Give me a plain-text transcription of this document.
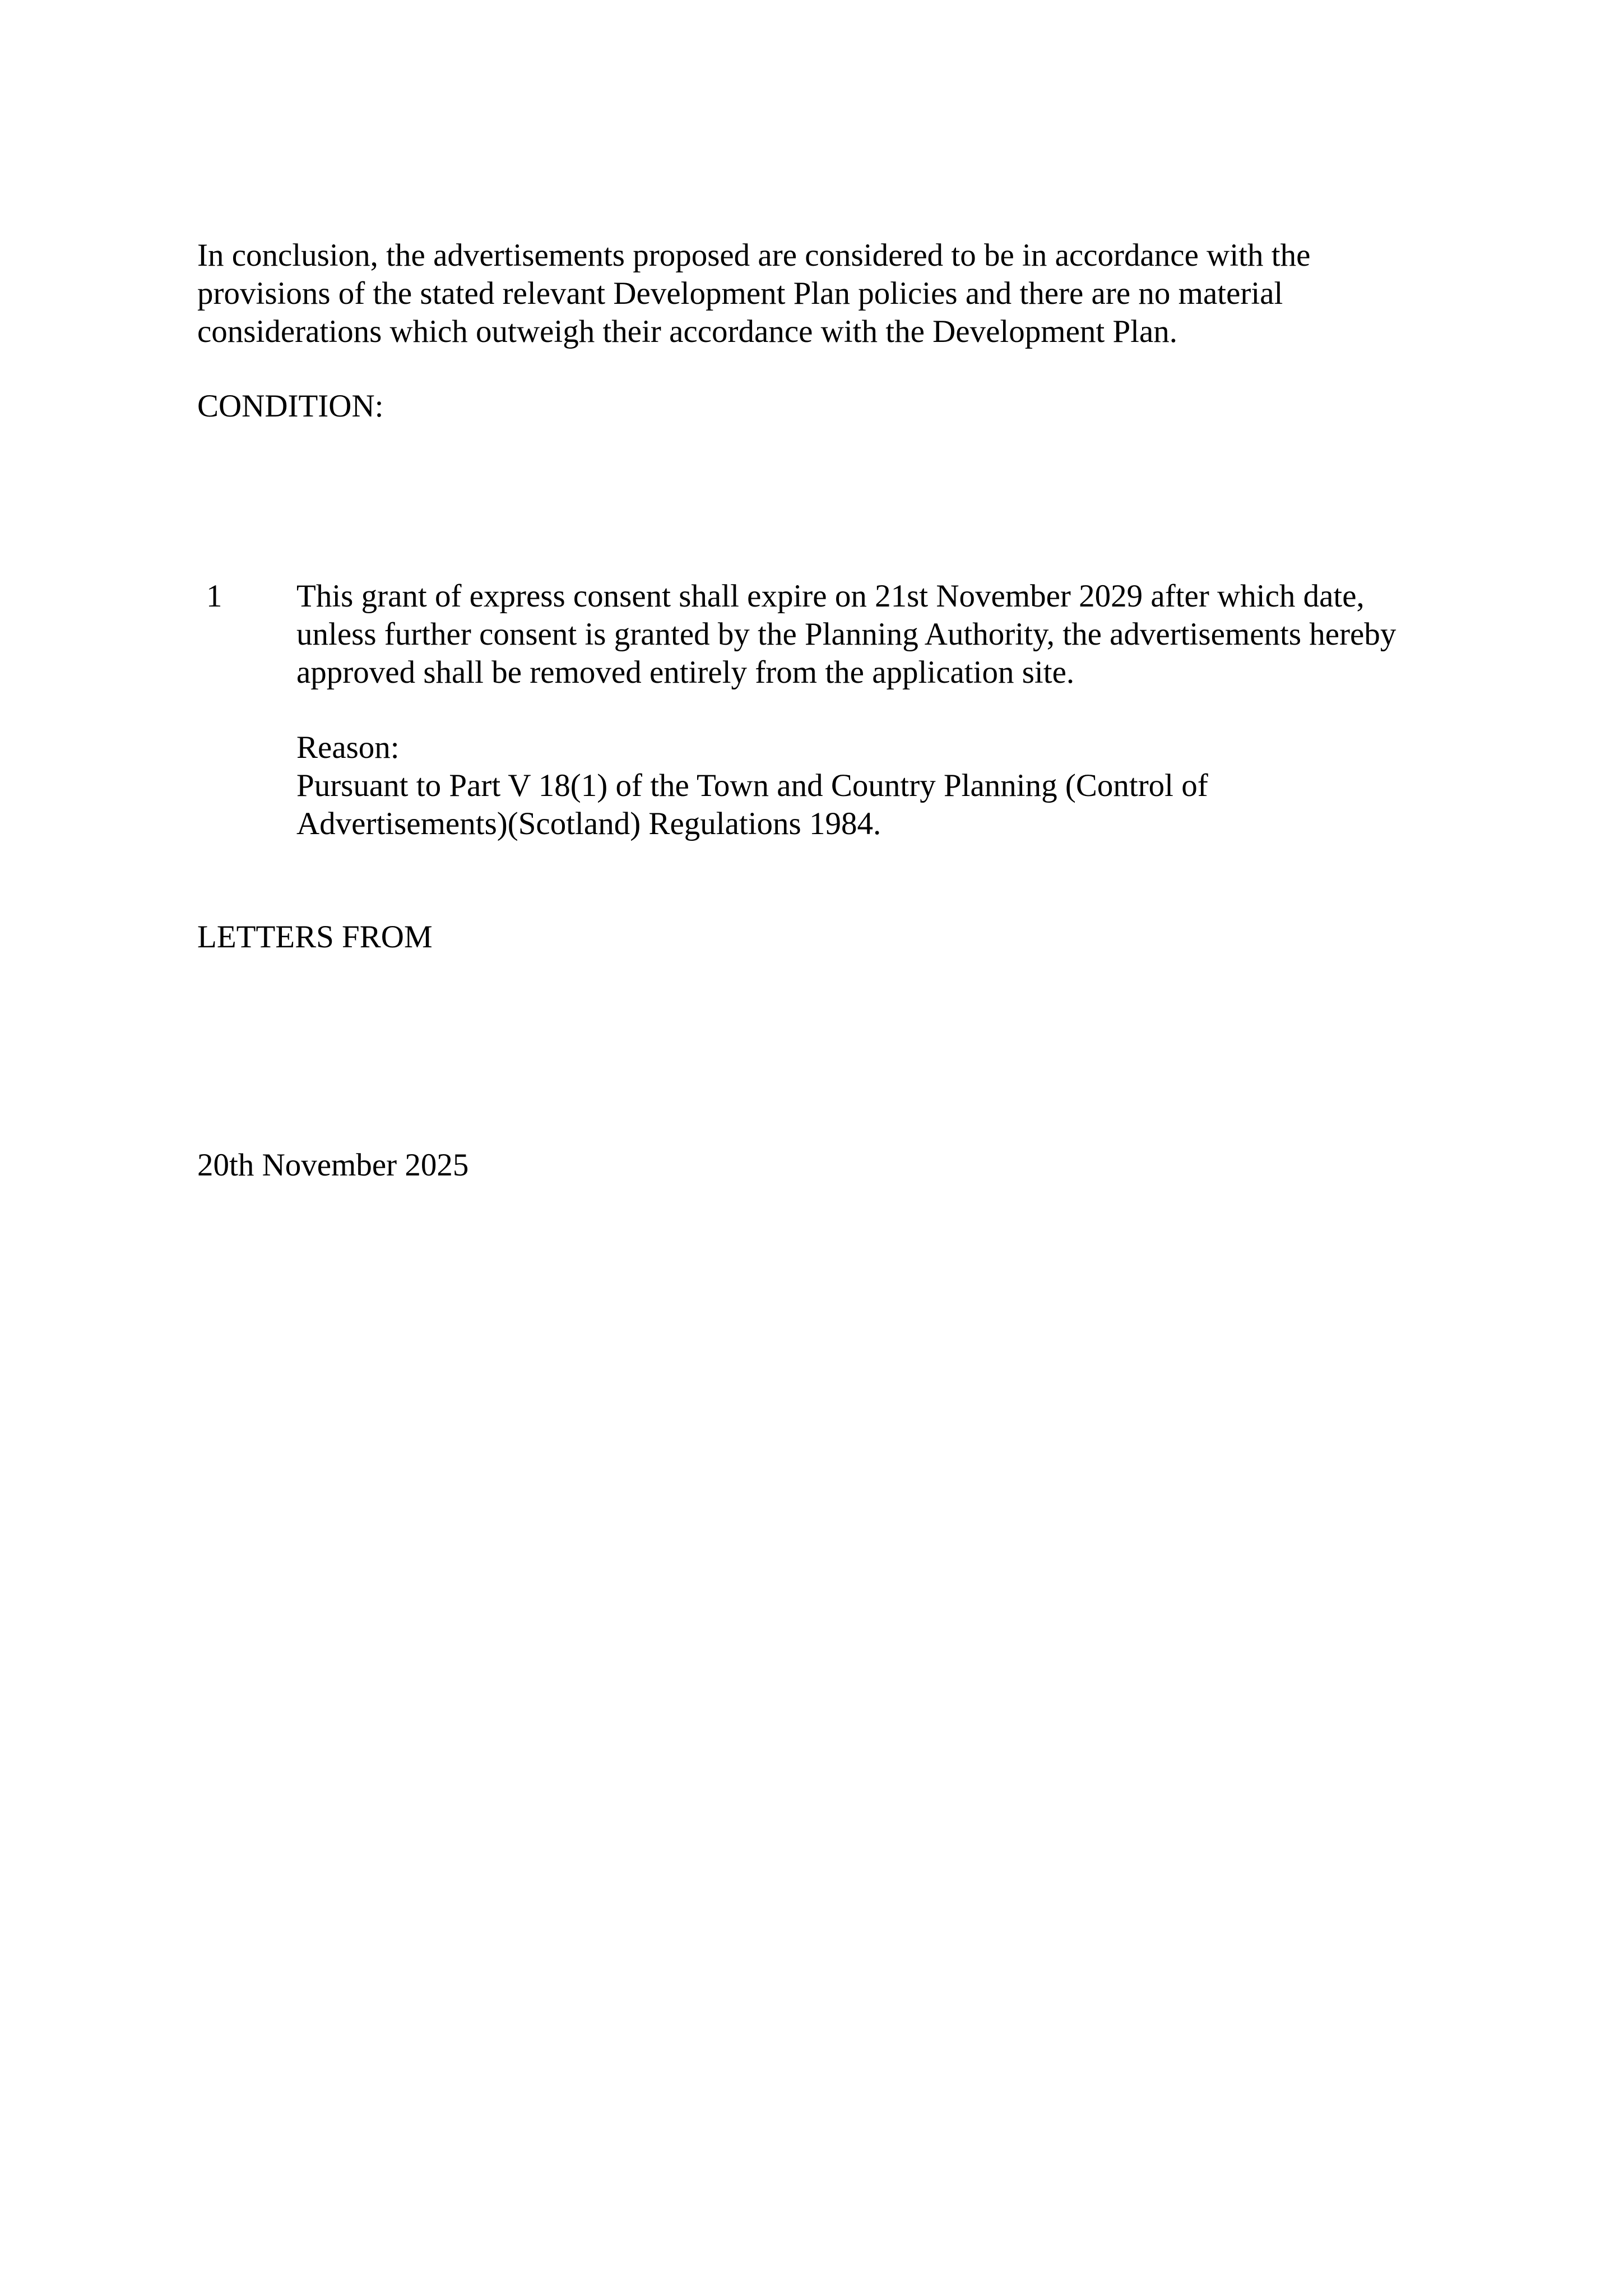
In conclusion, the advertisements proposed are considered to be in accordance with the
provisions of the stated relevant Development Plan policies and there are no material
considerations which outweigh their accordance with the Development Plan.
CONDITION:
1 This grant of express consent shall expire on 21st November 2029 after which date,
unless further consent is granted by the Planning Authority, the advertisements hereby
approved shall be removed entirely from the application site.
Reason:
Pursuant to Part V 18(1) of the Town and Country Planning (Control of
Advertisements)(Scotland) Regulations 1984.
LETTERS FROM
20th November 2025
